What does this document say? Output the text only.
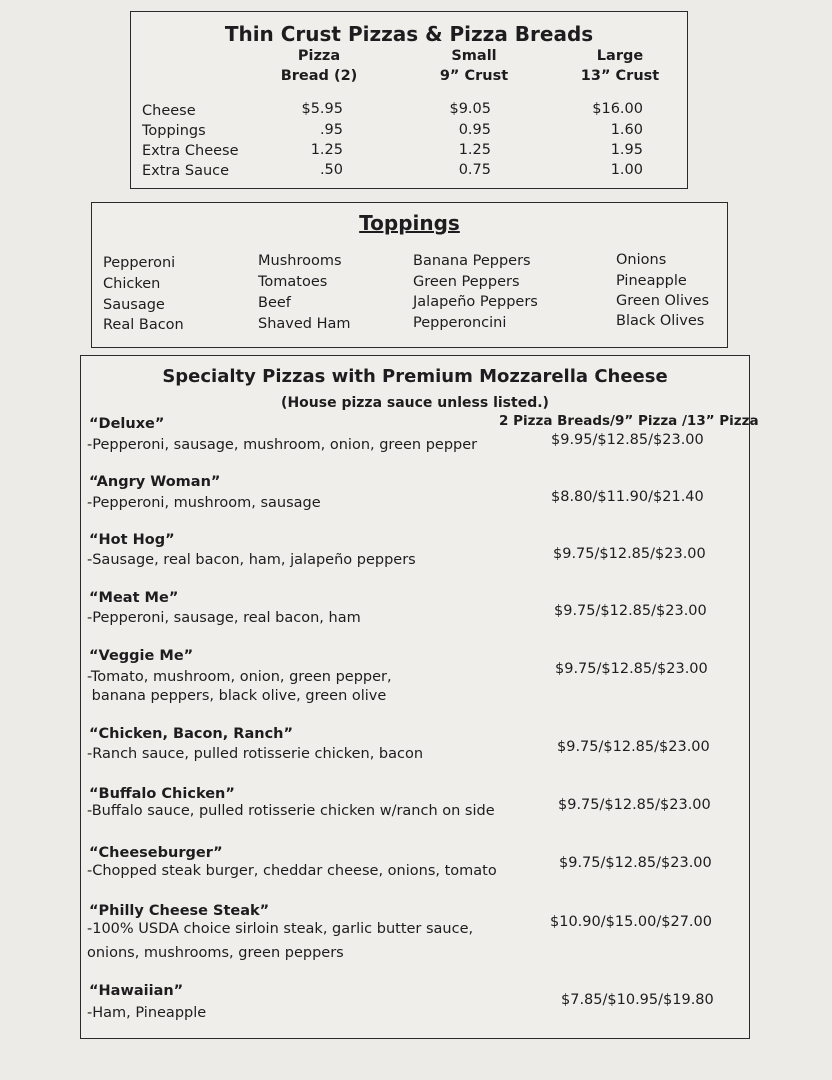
Thin Crust Pizzas & Pizza Breads
Pizza
Bread (2)
Small
9” Crust
Large
13” Crust
Cheese	$5.95	$9.05	$16.00
Toppings	.95	0.95	1.60
Extra Cheese	1.25	1.25	1.95
Extra Sauce	.50	0.75	1.00
Toppings
Pepperoni
Chicken
Sausage
Real Bacon
Mushrooms
Tomatoes
Beef
Shaved Ham
Banana Peppers
Green Peppers
Jalapeño Peppers
Pepperoncini
Onions
Pineapple
Green Olives
Black Olives
Specialty Pizzas with Premium Mozzarella Cheese
(House pizza sauce unless listed.)
2 Pizza Breads/9” Pizza /13” Pizza
“Deluxe”
-Pepperoni, sausage, mushroom, onion, green pepper	$9.95/$12.85/$23.00
“Angry Woman”
-Pepperoni, mushroom, sausage	$8.80/$11.90/$21.40
“Hot Hog”
-Sausage, real bacon, ham, jalapeño peppers	$9.75/$12.85/$23.00
“Meat Me”
-Pepperoni, sausage, real bacon, ham	$9.75/$12.85/$23.00
“Veggie Me”
-Tomato, mushroom, onion, green pepper,
banana peppers, black olive, green olive
$9.75/$12.85/$23.00
“Chicken, Bacon, Ranch”
-Ranch sauce, pulled rotisserie chicken, bacon	$9.75/$12.85/$23.00
“Buffalo Chicken”
-Buffalo sauce, pulled rotisserie chicken w/ranch on side	$9.75/$12.85/$23.00
“Cheeseburger”
-Chopped steak burger, cheddar cheese, onions, tomato	$9.75/$12.85/$23.00
“Philly Cheese Steak”
-100% USDA choice sirloin steak, garlic butter sauce,
onions, mushrooms, green peppers
$10.90/$15.00/$27.00
“Hawaiian”
-Ham, Pineapple
$7.85/$10.95/$19.80
